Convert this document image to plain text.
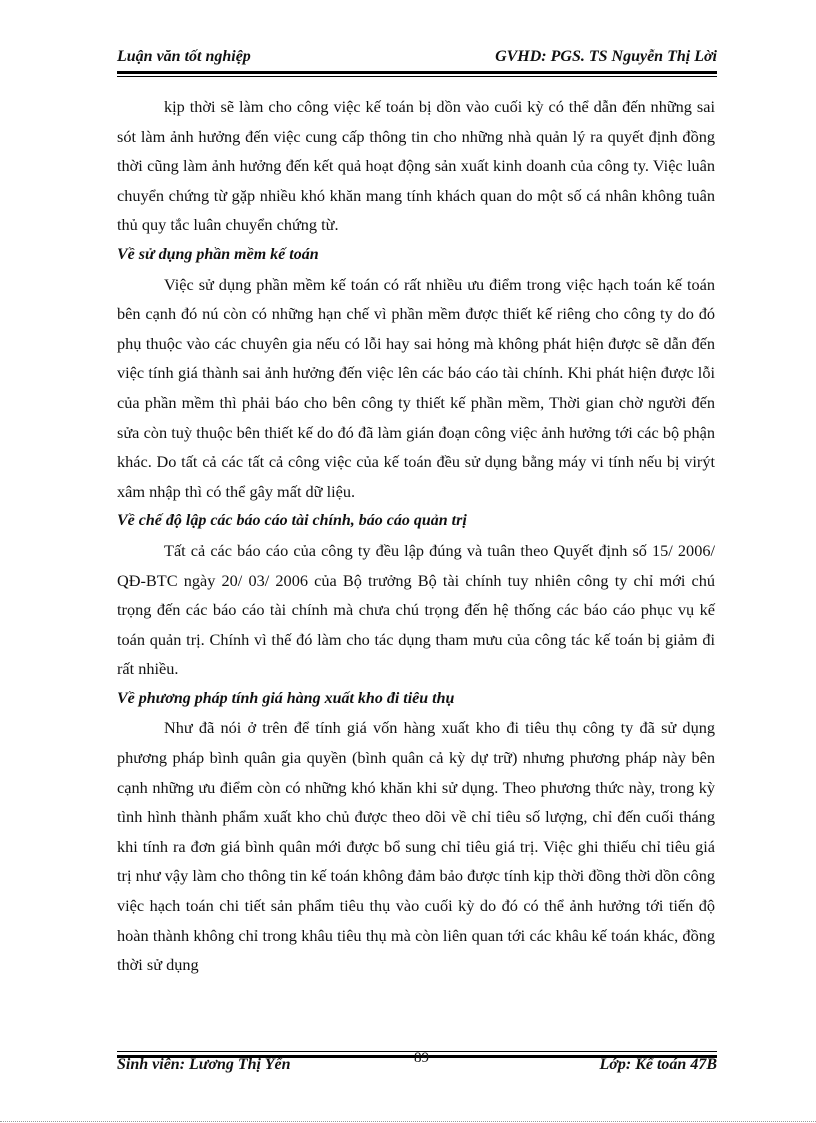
Luận văn tốt nghiệp	GVHD: PGS. TS Nguyễn Thị Lời

kịp thời sẽ làm cho công việc kế toán bị dồn vào cuối kỳ có thể dẫn đến những sai sót làm ảnh hưởng đến việc cung cấp thông tin cho những nhà quản lý ra quyết định đồng thời cũng làm ảnh hưởng đến kết quả hoạt động sản xuất kinh doanh của công ty. Việc luân chuyển chứng từ gặp nhiều khó khăn mang tính khách quan do một số cá nhân không tuân thủ quy tắc luân chuyển chứng từ.

Về sử dụng phần mềm kế toán

Việc sử dụng phần mềm kế toán có rất nhiều ưu điểm trong việc hạch toán kế toán bên cạnh đó nú còn có những hạn chế vì phần mềm được thiết kế riêng cho công ty do đó phụ thuộc vào các chuyên gia nếu có lỗi hay sai hỏng mà không phát hiện được sẽ dẫn đến việc tính giá thành sai ảnh hưởng đến việc lên các báo cáo tài chính. Khi phát hiện được lỗi của phần mềm thì phải báo cho bên công ty thiết kế phần mềm, Thời gian chờ người đến sửa còn tuỳ thuộc bên thiết kế do đó đã làm gián đoạn công việc ảnh hưởng tới các bộ phận khác. Do tất cả các tất cả công việc của kế toán đều sử dụng bằng máy vi tính nếu bị virýt xâm nhập thì có thể gây mất dữ liệu.

Về chế độ lập các báo cáo tài chính, báo cáo quản trị

Tất cả các báo cáo của công ty đều lập đúng và tuân theo Quyết định số 15/ 2006/ QĐ-BTC ngày 20/ 03/ 2006 của Bộ trưởng Bộ tài chính tuy nhiên công ty chỉ mới chú trọng đến các báo cáo tài chính mà chưa chú trọng đến hệ thống các báo cáo phục vụ kế toán quản trị. Chính vì thế đó làm cho tác dụng tham mưu của công tác kế toán bị giảm đi rất nhiều.

Về phương pháp tính giá hàng xuất kho đi tiêu thụ

Như đã nói ở trên để tính giá vốn hàng xuất kho đi tiêu thụ công ty đã sử dụng phương pháp bình quân gia quyền (bình quân cả kỳ dự trữ) nhưng phương pháp này bên cạnh những ưu điểm còn có những khó khăn khi sử dụng. Theo phương thức này, trong kỳ tình hình thành phẩm xuất kho chủ được theo dõi về chỉ tiêu số lượng, chỉ đến cuối tháng khi tính ra đơn giá bình quân mới được bổ sung chỉ tiêu giá trị. Việc ghi thiếu chỉ tiêu giá trị như vậy làm cho thông tin kế toán không đảm bảo được tính kịp thời đồng thời dồn công việc hạch toán chi tiết sản phẩm tiêu thụ vào cuối kỳ do đó có thể ảnh hưởng tới tiến độ hoàn thành không chỉ trong khâu tiêu thụ mà còn liên quan tới các khâu kế toán khác, đồng thời sử dụng

Sinh viên: Lương Thị Yến	89	Lớp: Kế toán 47B
